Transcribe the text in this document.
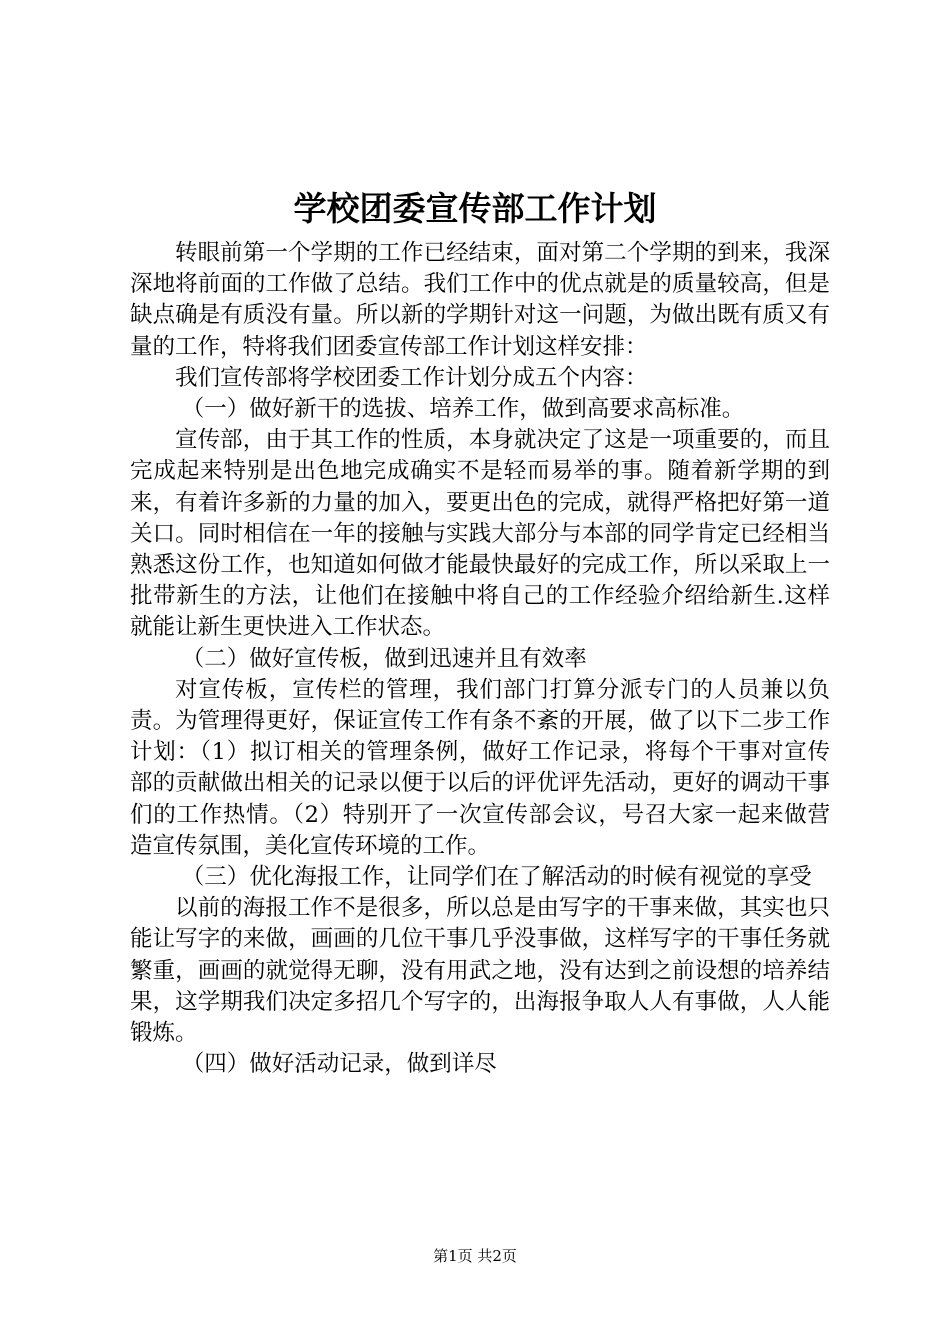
学校团委宣传部工作计划

转眼前第一个学期的工作已经结束，面对第二个学期的到来，我深深地将前面的工作做了总结。我们工作中的优点就是的质量较高，但是缺点确是有质没有量。所以新的学期针对这一问题，为做出既有质又有量的工作，特将我们团委宣传部工作计划这样安排：

我们宣传部将学校团委工作计划分成五个内容：

（一）做好新干的选拔、培养工作，做到高要求高标准。

宣传部，由于其工作的性质，本身就决定了这是一项重要的，而且完成起来特别是出色地完成确实不是轻而易举的事。随着新学期的到来，有着许多新的力量的加入，要更出色的完成，就得严格把好第一道关口。同时相信在一年的接触与实践大部分与本部的同学肯定已经相当熟悉这份工作，也知道如何做才能最快最好的完成工作，所以采取上一批带新生的方法，让他们在接触中将自己的工作经验介绍给新生.这样就能让新生更快进入工作状态。

（二）做好宣传板，做到迅速并且有效率

对宣传板，宣传栏的管理，我们部门打算分派专门的人员兼以负责。为管理得更好，保证宣传工作有条不紊的开展，做了以下二步工作计划：（1）拟订相关的管理条例，做好工作记录，将每个干事对宣传部的贡献做出相关的记录以便于以后的评优评先活动，更好的调动干事们的工作热情。（2）特别开了一次宣传部会议，号召大家一起来做营造宣传氛围，美化宣传环境的工作。

（三）优化海报工作，让同学们在了解活动的时候有视觉的享受

以前的海报工作不是很多，所以总是由写字的干事来做，其实也只能让写字的来做，画画的几位干事几乎没事做，这样写字的干事任务就繁重，画画的就觉得无聊，没有用武之地，没有达到之前设想的培养结果，这学期我们决定多招几个写字的，出海报争取人人有事做，人人能锻炼。

（四）做好活动记录，做到详尽

第1页 共2页
